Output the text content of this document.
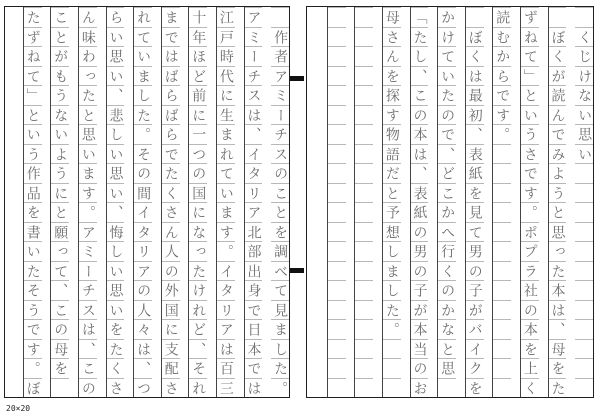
作
者
ア
ミ
ー
チ
ス
の
こ
と
を
調
べ
て
見
ま
し
た
。
ア
ミ
ー
チ
ス
は
、
イ
タ
リ
ア
北
部
出
身
で
日
本
で
は
江
戸
時
代
に
生
ま
れ
て
い
ま
す
。
イ
タ
リ
ア
は
百
三
十
年
ほ
ど
前
に
一
つ
の
国
に
な
っ
た
け
れ
ど
、
そ
れ
ま
で
は
ば
ら
ば
ら
で
た
く
さ
ん
人
の
外
国
に
支
配
さ
れ
て
い
ま
し
た
。
そ
の
間
イ
タ
リ
ア
の
人
々
は
、
つ
ら
い
思
い
、
悲
し
い
思
い
、
悔
し
い
思
い
を
た
く
さ
ん
味
わ
っ
た
と
思
い
ま
す
。
ア
ミ
ー
チ
ス
は
、
こ
の
こ
と
が
も
う
な
い
よ
う
に
と
願
っ
て
、
こ
の
母
を
た
ず
ね
て
」
と
い
う
作
品
を
書
い
た
そ
う
で
す
。
ぼ
く
じ
け
な
い
思
い
ぼ
く
が
読
ん
で
み
よ
う
と
思
っ
た
本
は
、
母
を
た
ず
ね
て
」
と
い
う
さ
で
す
。
ポ
プ
ラ
社
の
本
を
上
く
読
む
か
ら
で
す
。
ぼ
く
は
最
初
、
表
紙
を
見
て
男
の
子
が
バ
イ
ク
を
か
け
て
い
た
の
で
、
ど
こ
か
へ
行
く
の
か
な
と
思
「
た
し
、
こ
の
本
は
、
表
紙
の
男
の
子
が
本
当
の
お
母
さ
ん
を
探
す
物
語
だ
と
予
想
し
ま
し
た
。
20×20
